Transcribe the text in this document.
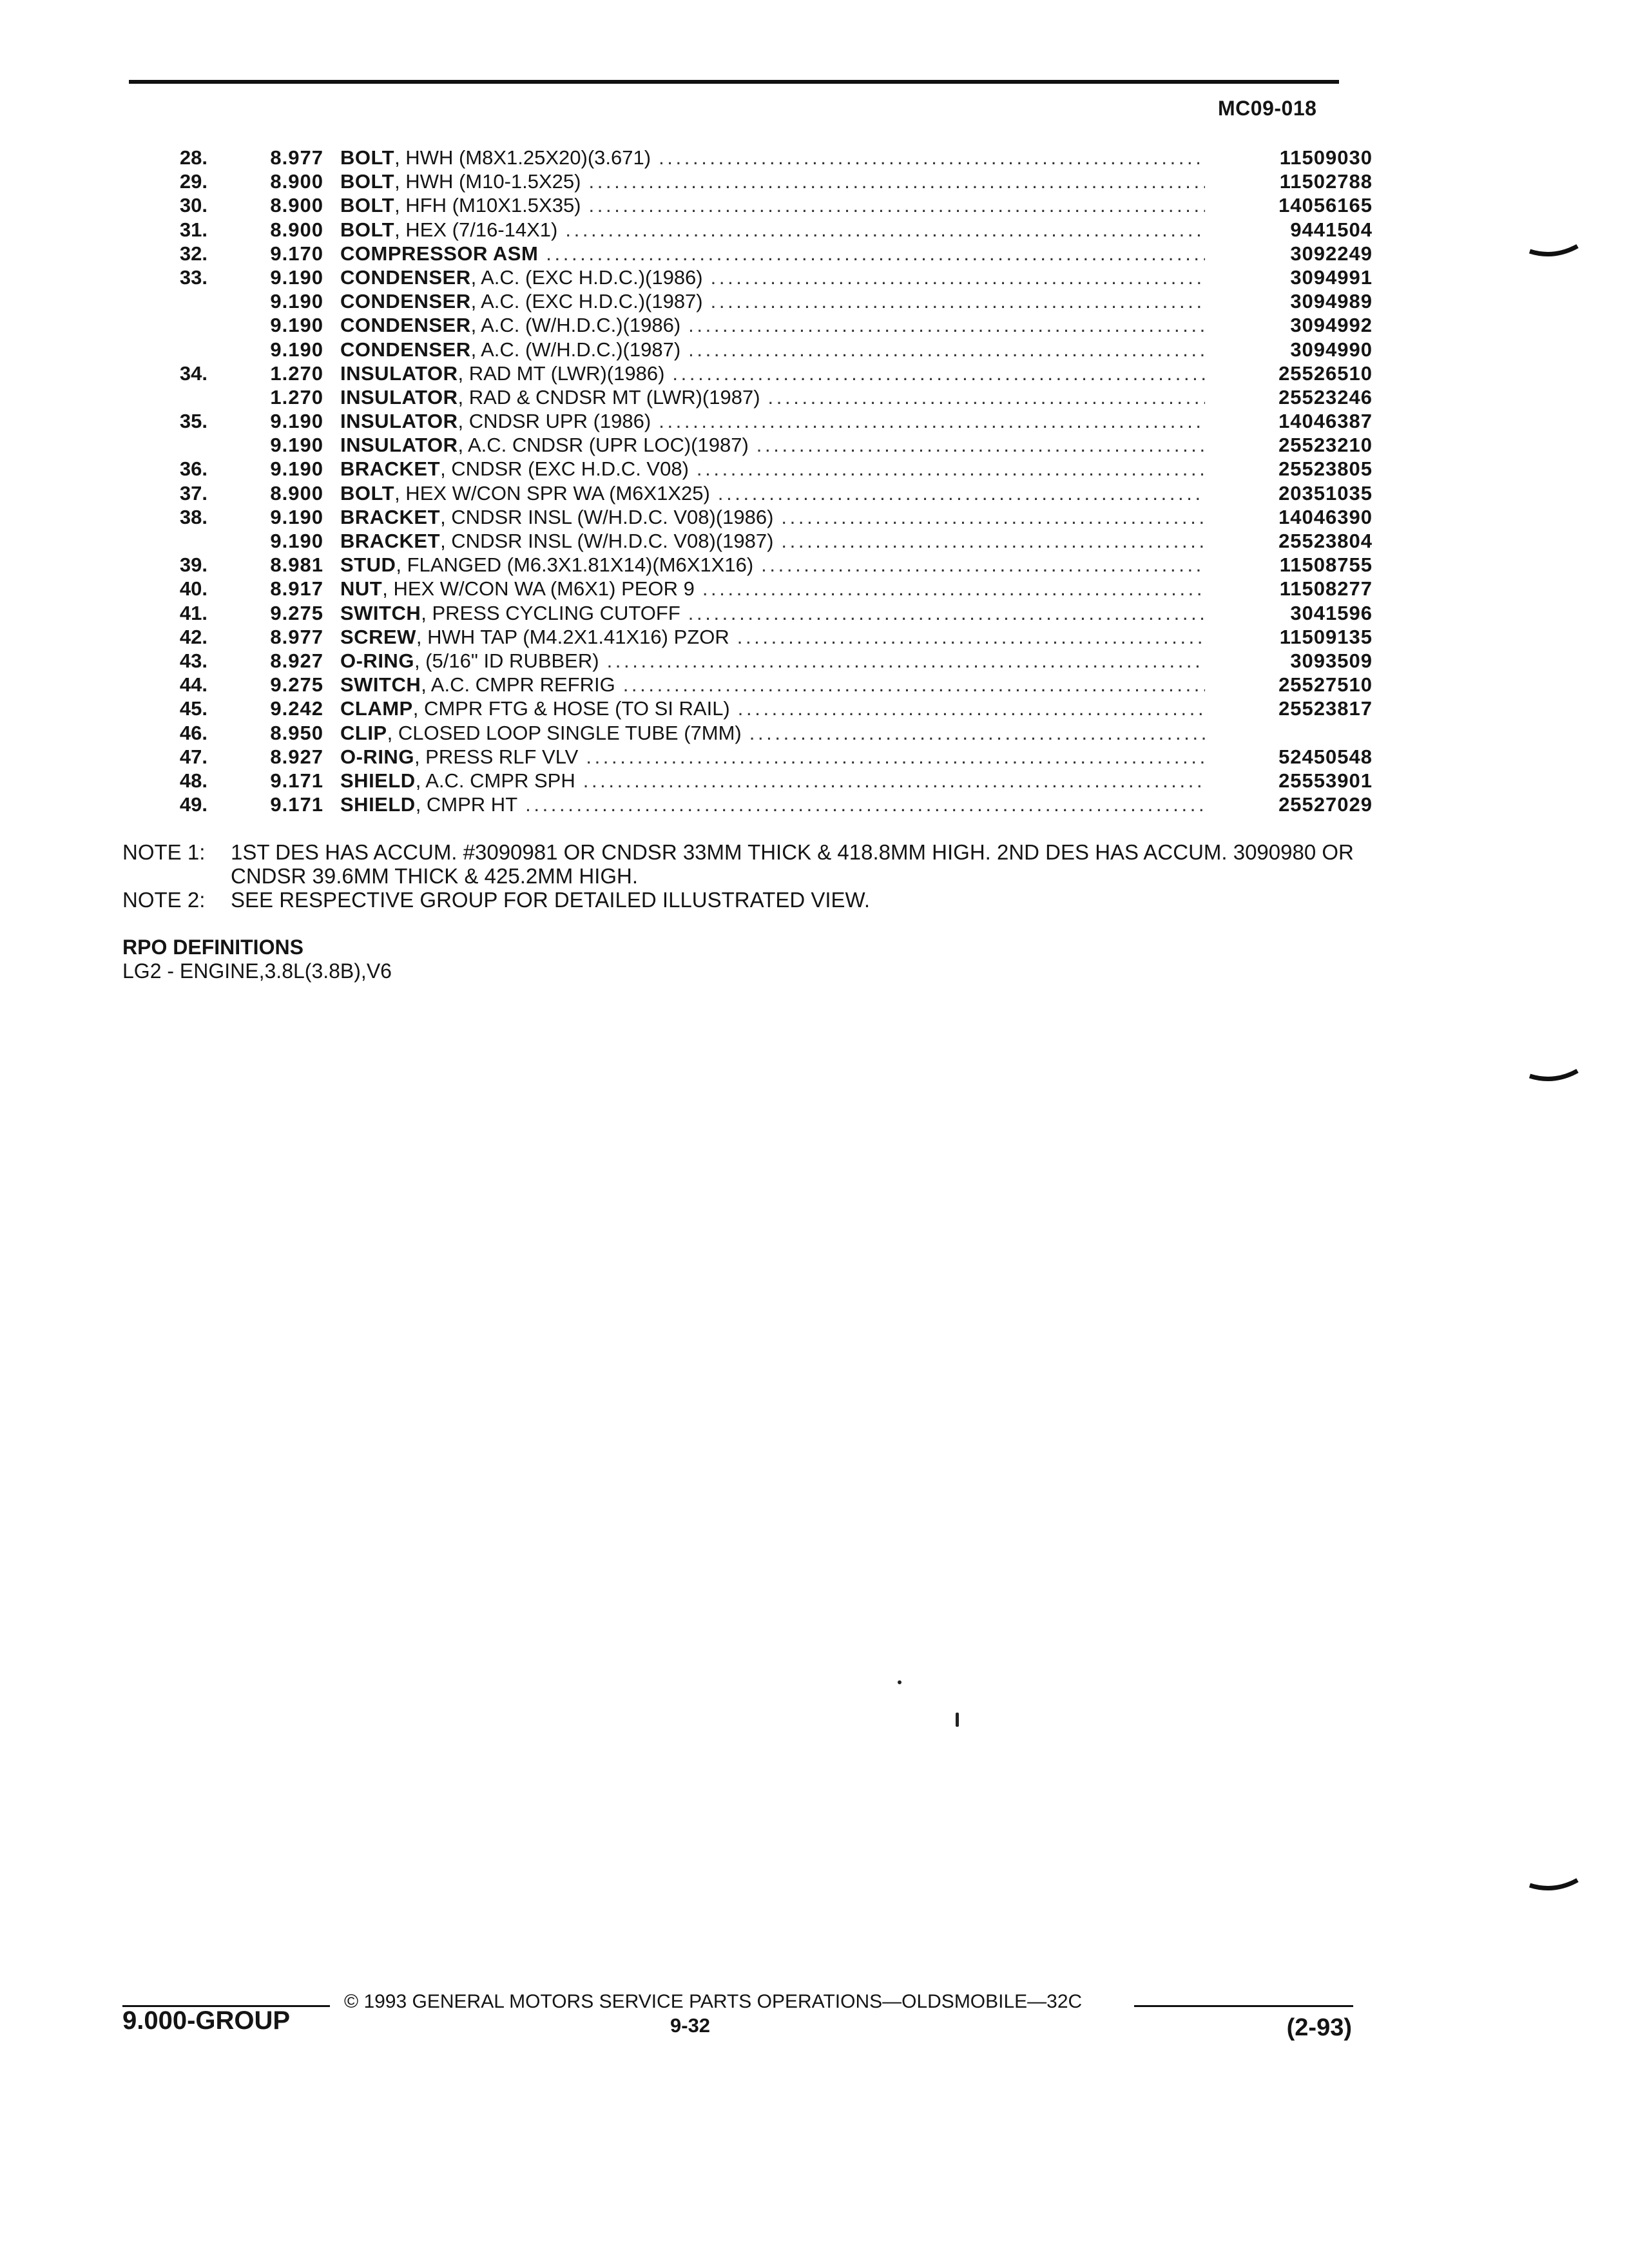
MC09-018
28.	8.977 BOLT, HWH (M8X1.25X20)(3.671) . . .	11509030
29.	8.900 BOLT, HWH (M10-1.5X25) . . .	11502788
30.	8.900 BOLT, HFH (M10X1.5X35) . . .	14056165
31.	8.900 BOLT, HEX (7/16-14X1) . . .	9441504
32.	9.170 COMPRESSOR ASM . . .	3092249
33.	9.190 CONDENSER, A.C. (EXC H.D.C.)(1986) . . .	3094991
9.190 CONDENSER, A.C. (EXC H.D.C.)(1987) . . .	3094989
9.190 CONDENSER, A.C. (W/H.D.C.)(1986) . . .	3094992
9.190 CONDENSER, A.C. (W/H.D.C.)(1987) . . .	3094990
34.	1.270 INSULATOR, RAD MT (LWR)(1986) . . .	25526510
1.270 INSULATOR, RAD & CNDSR MT (LWR)(1987) . . .	25523246
35.	9.190 INSULATOR, CNDSR UPR (1986) . . .	14046387
9.190 INSULATOR, A.C. CNDSR (UPR LOC)(1987) . . .	25523210
36.	9.190 BRACKET, CNDSR (EXC H.D.C. V08) . . .	25523805
37.	8.900 BOLT, HEX W/CON SPR WA (M6X1X25) . . .	20351035
38.	9.190 BRACKET, CNDSR INSL (W/H.D.C. V08)(1986) . . .	14046390
9.190 BRACKET, CNDSR INSL (W/H.D.C. V08)(1987) . . .	25523804
39.	8.981 STUD, FLANGED (M6.3X1.81X14)(M6X1X16) . . .	11508755
40.	8.917 NUT, HEX W/CON WA (M6X1) PEOR 9 . . .	11508277
41.	9.275 SWITCH, PRESS CYCLING CUTOFF . . .	3041596
42.	8.977 SCREW, HWH TAP (M4.2X1.41X16) PZOR . . .	11509135
43.	8.927 O-RING, (5/16" ID RUBBER) . . .	3093509
44.	9.275 SWITCH, A.C. CMPR REFRIG . . .	25527510
45.	9.242 CLAMP, CMPR FTG & HOSE (TO SI RAIL) . . .	25523817
46.	8.950 CLIP, CLOSED LOOP SINGLE TUBE (7MM) . . .
47.	8.927 O-RING, PRESS RLF VLV . . .	52450548
48.	9.171 SHIELD, A.C. CMPR SPH . . .	25553901
49.	9.171 SHIELD, CMPR HT . . .	25527029
NOTE 1: 1ST DES HAS ACCUM. #3090981 OR CNDSR 33MM THICK & 418.8MM HIGH. 2ND DES HAS ACCUM. 3090980 OR CNDSR 39.6MM THICK & 425.2MM HIGH.
NOTE 2: SEE RESPECTIVE GROUP FOR DETAILED ILLUSTRATED VIEW.
RPO DEFINITIONS
LG2 - ENGINE,3.8L(3.8B),V6
9.000-GROUP
© 1993 GENERAL MOTORS SERVICE PARTS OPERATIONS—OLDSMOBILE—32C
9-32	(2-93)
